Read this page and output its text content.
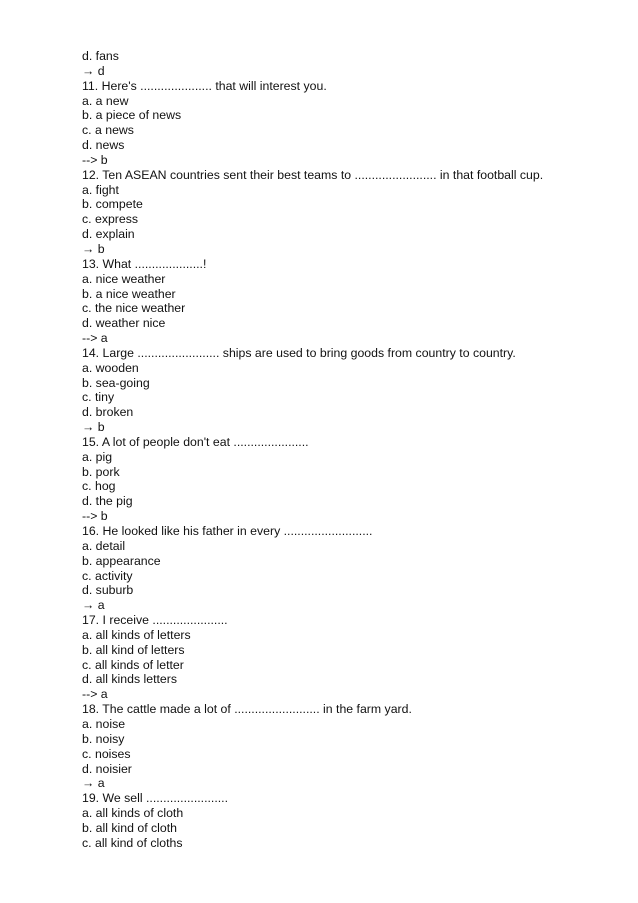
d. fans
→ d
11. Here's ..................... that will interest you.
a. a new
b. a piece of news
c. a news
d. news
--> b
12. Ten ASEAN countries sent their best teams to ........................ in that football cup.
a. fight
b. compete
c. express
d. explain
→ b
13. What ....................!
a. nice weather
b. a nice weather
c. the nice weather
d. weather nice
--> a
14. Large ........................ ships are used to bring goods from country to country.
a. wooden
b. sea-going
c. tiny
d. broken
→ b
15. A lot of people don't eat ......................
a. pig
b. pork
c. hog
d. the pig
--> b
16. He looked like his father in every ..........................
a. detail
b. appearance
c. activity
d. suburb
→ a
17. I receive ......................
a. all kinds of letters
b. all kind of letters
c. all kinds of letter
d. all kinds letters
--> a
18. The cattle made a lot of ......................... in the farm yard.
a. noise
b. noisy
c. noises
d. noisier
→ a
19. We sell ........................
a. all kinds of cloth
b. all kind of cloth
c. all kind of cloths
